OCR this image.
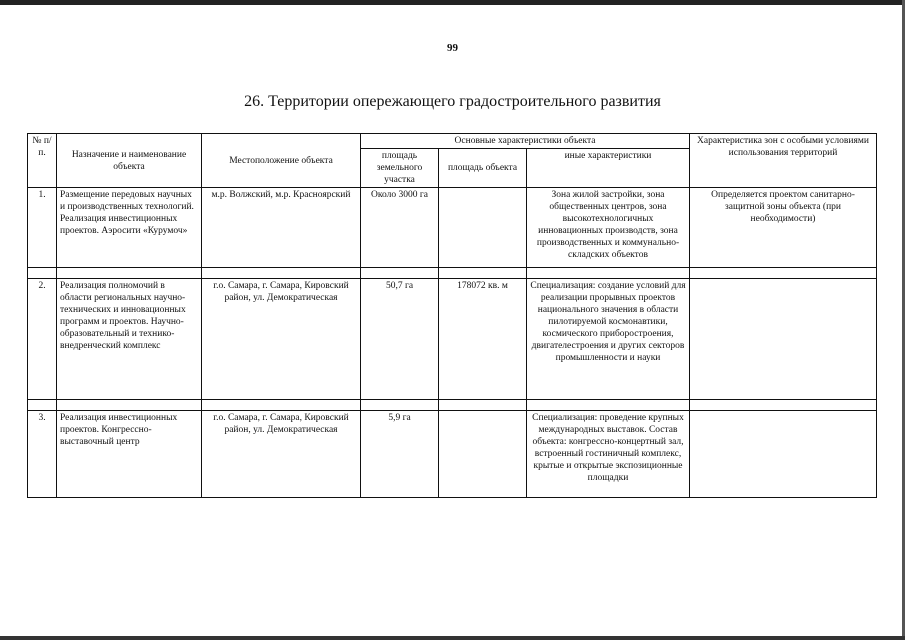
99
26. Территории опережающего градостроительного развития
№ п/п.	Назначение и наименование объекта	Местоположение объекта	Основные характеристики объекта			Характеристика зон с особыми условиями использования территорий
			площадь земельного участка	площадь объекта	иные характеристики	
1.	Размещение передовых научных и производственных технологий. Реализация инвестиционных проектов. Аэросити «Курумоч»	м.р. Волжский, м.р. Красноярский	Около 3000 га		Зона жилой застройки, зона общественных центров, зона высокотехнологичных инновационных производств, зона производственных и коммунально-складских объектов	Определяется проектом санитарно-защитной зоны объекта (при необходимости)

2.	Реализация полномочий в области региональных научно-технических и инновационных программ и проектов. Научно-образовательный и технико-внедренческий комплекс	г.о. Самара, г. Самара, Кировский район, ул. Демократическая	50,7 га	178072 кв. м	Специализация: создание условий для реализации прорывных проектов национального значения в области пилотируемой космонавтики, космического приборостроения, двигателестроения и других секторов промышленности и науки	

3.	Реализация инвестиционных проектов. Конгрессно-выставочный центр	г.о. Самара, г. Самара, Кировский район, ул. Демократическая	5,9 га		Специализация: проведение крупных международных выставок. Состав объекта: конгрессно-концертный зал, встроенный гостиничный комплекс, крытые и открытые экспозиционные площадки	
